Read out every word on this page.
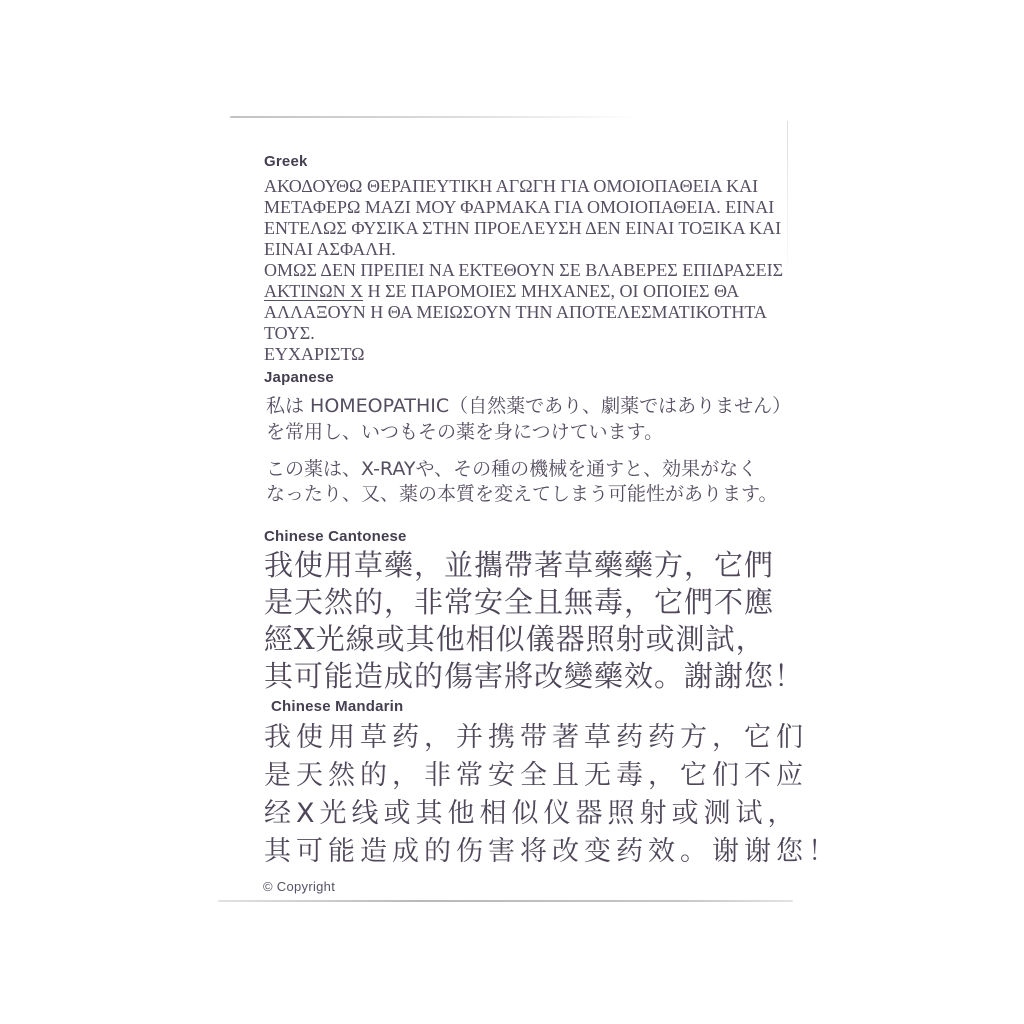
Greek
ΑΚΟΔΟΥΘΩ ΘΕΡΑΠΕΥΤΙΚΗ ΑΓΩΓΗ ΓΙΑ ΟΜΟΙΟΠΑΘΕΙΑ ΚΑΙ
ΜΕΤΑΦΕΡΩ ΜΑΖΙ ΜΟΥ ΦΑΡΜΑΚΑ ΓΙΑ ΟΜΟΙΟΠΑΘΕΙΑ. ΕΙΝΑΙ
ΕΝΤΕΛΩΣ ΦΥΣΙΚΑ ΣΤΗΝ ΠΡΟΕΛΕΥΣΗ ΔΕΝ ΕΙΝΑΙ ΤΟΞΙΚΑ ΚΑΙ
ΕΙΝΑΙ ΑΣΦΑΛΗ.
ΟΜΩΣ ΔΕΝ ΠΡΕΠΕΙ ΝΑ ΕΚΤΕΘΟΥΝ ΣΕ ΒΛΑΒΕΡΕΣ ΕΠΙΔΡΑΣΕΙΣ
ΑΚΤΙΝΩΝ Χ Η ΣΕ ΠΑΡΟΜΟΙΕΣ ΜΗΧΑΝΕΣ, ΟΙ ΟΠΟΙΕΣ ΘΑ
ΑΛΛΑΞΟΥΝ Η ΘΑ ΜΕΙΩΣΟΥΝ ΤΗΝ ΑΠΟΤΕΛΕΣΜΑΤΙΚΟΤΗΤΑ
ΤΟΥΣ.
ΕΥΧΑΡΙΣΤΩ
Japanese
私は HOMEOPATHIC（自然薬であり、劇薬ではありません）
を常用し、いつもその薬を身につけています。
この薬は、X-RAYや、その種の機械を通すと、効果がなく
なったり、又、薬の本質を変えてしまう可能性があります。
Chinese Cantonese
我使用草藥，並攜帶著草藥藥方，它們
是天然的，非常安全且無毒，它們不應
經X光線或其他相似儀器照射或測試，
其可能造成的傷害將改變藥效。謝謝您！
Chinese Mandarin
我使用草药，并携带著草药药方，它们
是天然的，非常安全且无毒，它们不应
经X光线或其他相似仪器照射或测试，
其可能造成的伤害将改变药效。谢谢您！
© Copyright
